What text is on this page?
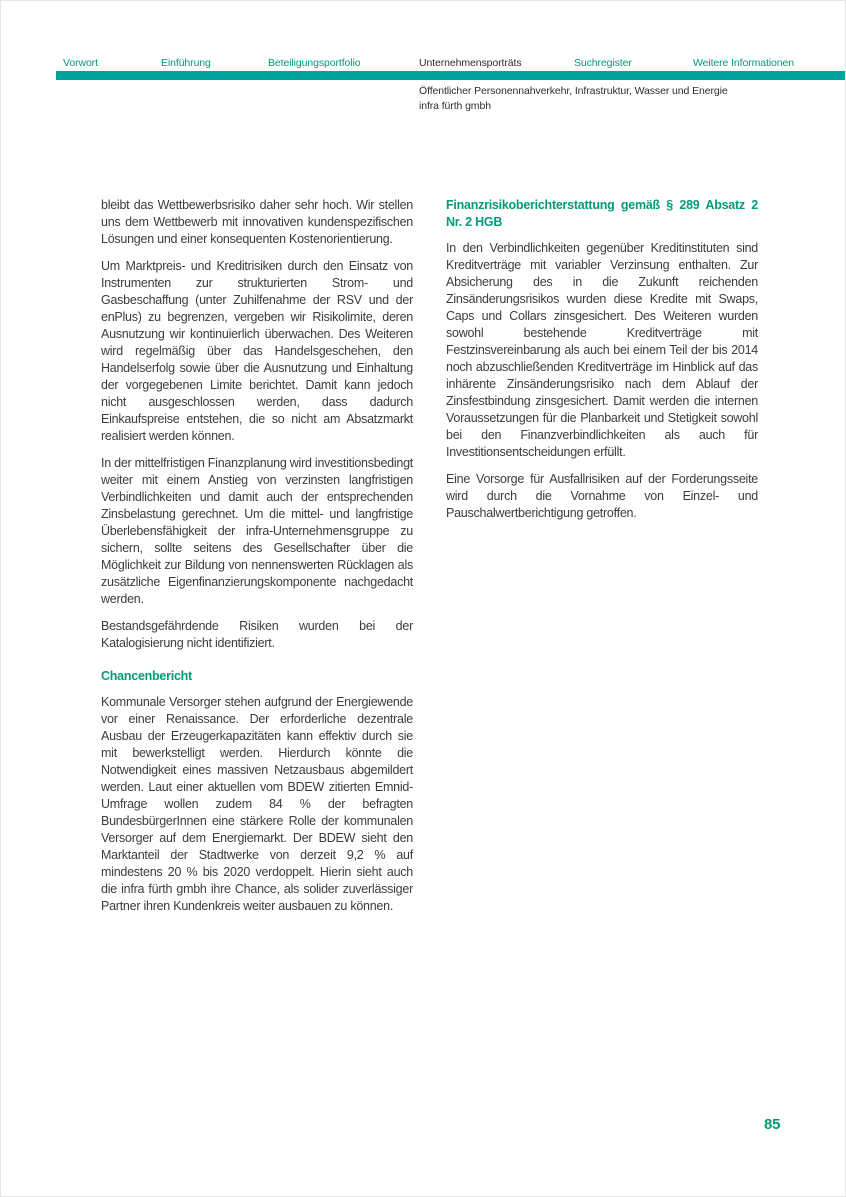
Vorwort	Einführung	Beteiligungsportfolio	Unternehmensporträts	Suchregister	Weitere Informationen
Öffentlicher Personennahverkehr, Infrastruktur, Wasser und Energie
infra fürth gmbh

bleibt das Wettbewerbsrisiko daher sehr hoch. Wir stellen uns dem Wettbewerb mit innovativen kundenspezifischen Lösungen und einer konsequenten Kostenorientierung.

Um Marktpreis- und Kreditrisiken durch den Einsatz von Instrumenten zur strukturierten Strom- und Gasbeschaffung (unter Zuhilfenahme der RSV und der enPlus) zu begrenzen, vergeben wir Risikolimite, deren Ausnutzung wir kontinuierlich überwachen. Des Weiteren wird regelmäßig über das Handelsgeschehen, den Handelserfolg sowie über die Ausnutzung und Einhaltung der vorgegebenen Limite berichtet. Damit kann jedoch nicht ausgeschlossen werden, dass dadurch Einkaufspreise entstehen, die so nicht am Absatzmarkt realisiert werden können.

In der mittelfristigen Finanzplanung wird investitionsbedingt weiter mit einem Anstieg von verzinsten langfristigen Verbindlichkeiten und damit auch der entsprechenden Zinsbelastung gerechnet. Um die mittel- und langfristige Überlebensfähigkeit der infra-Unternehmensgruppe zu sichern, sollte seitens des Gesellschafter über die Möglichkeit zur Bildung von nennenswerten Rücklagen als zusätzliche Eigenfinanzierungskomponente nachgedacht werden.

Bestandsgefährdende Risiken wurden bei der Katalogisierung nicht identifiziert.

Chancenbericht

Kommunale Versorger stehen aufgrund der Energiewende vor einer Renaissance. Der erforderliche dezentrale Ausbau der Erzeugerkapazitäten kann effektiv durch sie mit bewerkstelligt werden. Hierdurch könnte die Notwendigkeit eines massiven Netzausbaus abgemildert werden. Laut einer aktuellen vom BDEW zitierten Emnid-Umfrage wollen zudem 84 % der befragten BundesbürgerInnen eine stärkere Rolle der kommunalen Versorger auf dem Energiemarkt. Der BDEW sieht den Marktanteil der Stadtwerke von derzeit 9,2 % auf mindestens 20 % bis 2020 verdoppelt. Hierin sieht auch die infra fürth gmbh ihre Chance, als solider zuverlässiger Partner ihren Kundenkreis weiter ausbauen zu können.

Finanzrisikoberichterstattung gemäß § 289 Absatz 2 Nr. 2 HGB

In den Verbindlichkeiten gegenüber Kreditinstituten sind Kreditverträge mit variabler Verzinsung enthalten. Zur Absicherung des in die Zukunft reichenden Zinsänderungsrisikos wurden diese Kredite mit Swaps, Caps und Collars zinsgesichert. Des Weiteren wurden sowohl bestehende Kreditverträge mit Festzinsvereinbarung als auch bei einem Teil der bis 2014 noch abzuschließenden Kreditverträge im Hinblick auf das inhärente Zinsänderungsrisiko nach dem Ablauf der Zinsfestbindung zinsgesichert. Damit werden die internen Voraussetzungen für die Planbarkeit und Stetigkeit sowohl bei den Finanzverbindlichkeiten als auch für Investitionsentscheidungen erfüllt.

Eine Vorsorge für Ausfallrisiken auf der Forderungsseite wird durch die Vornahme von Einzel- und Pauschalwertberichtigung getroffen.

85
